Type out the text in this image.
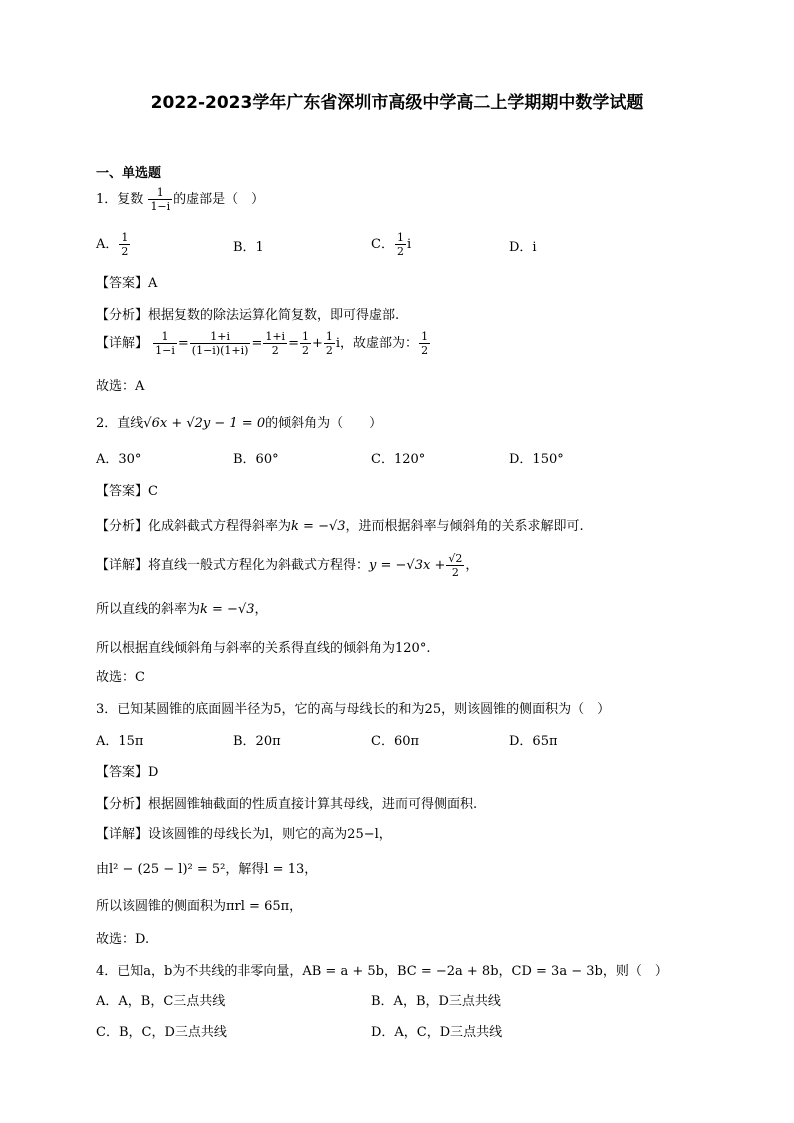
2022-2023学年广东省深圳市高级中学高二上学期期中数学试题
一、单选题
1．复数 $\frac{1}{1-i}$ 的虚部是（　）
A． $\frac{1}{2}$	B．1	C． $\frac{1}{2}$ i	D．i
【答案】A
【分析】根据复数的除法运算化简复数，即可得虚部.
【详解】 $\frac{1}{1-i} = \frac{1+i}{(1-i)(1+i)} = \frac{1+i}{2} = \frac{1}{2} + \frac{1}{2}$ i，故虚部为： $\frac{1}{2}$
故选：A
2．直线√6x + √2y − 1 = 0的倾斜角为（　　）
A．30°	B．60°	C．120°	D．150°
【答案】C
【分析】化成斜截式方程得斜率为k = −√3，进而根据斜率与倾斜角的关系求解即可.
【详解】将直线一般式方程化为斜截式方程得：$y = -√3x + \frac{√2}{2}$ ，
所以直线的斜率为k = −√3，
所以根据直线倾斜角与斜率的关系得直线的倾斜角为120°.
故选：C
3．已知某圆锥的底面圆半径为5，它的高与母线长的和为25，则该圆锥的侧面积为（　）
A．15π	B．20π	C．60π	D．65π
【答案】D
【分析】根据圆锥轴截面的性质直接计算其母线，进而可得侧面积.
【详解】设该圆锥的母线长为l，则它的高为25−l，
由l² − (25 − l)² = 5²，解得l = 13，
所以该圆锥的侧面积为πrl = 65π，
故选：D.
4．已知a，b为不共线的非零向量，AB = a + 5b，BC = −2a + 8b，CD = 3a − 3b，则（　）
A．A，B，C三点共线	B．A，B，D三点共线
C．B，C，D三点共线	D．A，C，D三点共线
